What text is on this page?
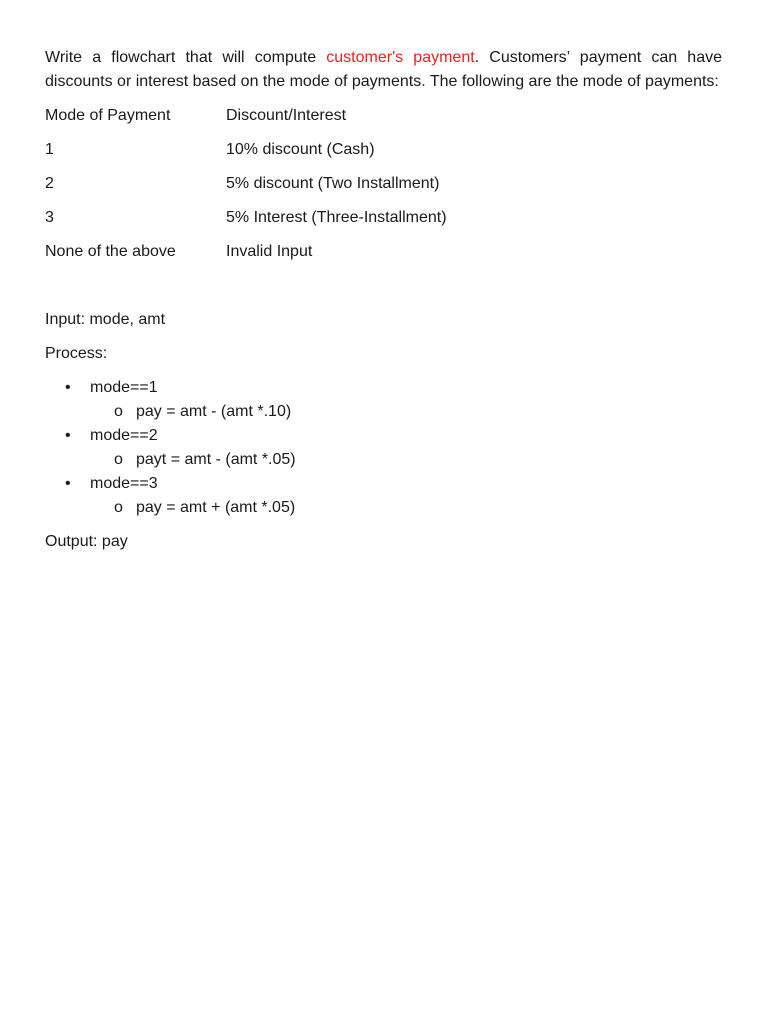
Write a flowchart that will compute customer's payment. Customers’ payment can have discounts or interest based on the mode of payments. The following are the mode of payments:

Mode of Payment	Discount/Interest
1	10% discount (Cash)
2	5% discount (Two Installment)
3	5% Interest (Three-Installment)
None of the above	Invalid Input
Input: mode, amt
Process:
• mode==1
o pay = amt - (amt *.10)
• mode==2
o payt = amt - (amt *.05)
• mode==3
o pay = amt + (amt *.05)
Output: pay
